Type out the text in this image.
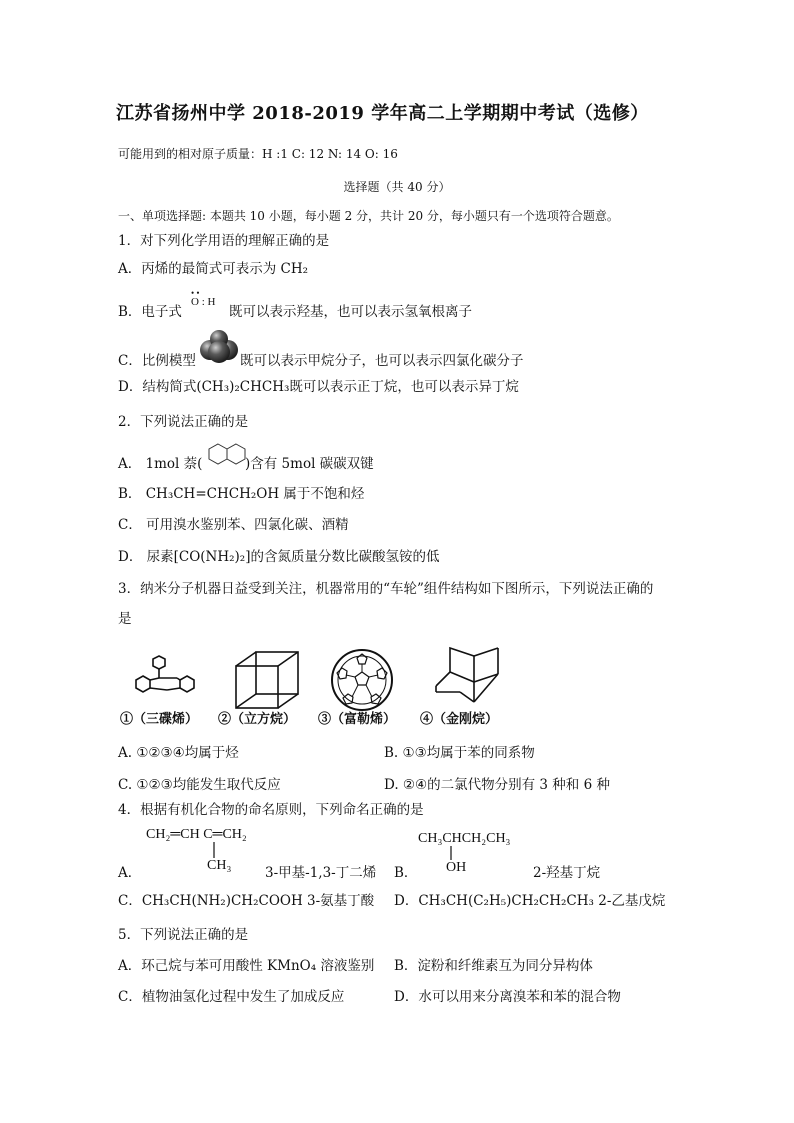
江苏省扬州中学 2018-2019 学年高二上学期期中考试（选修）
可能用到的相对原子质量：H :1 C: 12 N: 14 O: 16
选择题（共 40 分）
一、单项选择题: 本题共 10 小题，每小题 2 分，共计 20 分，每小题只有一个选项符合题意。
1．对下列化学用语的理解正确的是
A．丙烯的最简式可表示为 CH₂
B．电子式
• •
O : H
既可以表示羟基，也可以表示氢氧根离子
C．比例模型	既可以表示甲烷分子，也可以表示四氯化碳分子
D．结构简式(CH₃)₂CHCH₃既可以表示正丁烷，也可以表示异丁烷
2．下列说法正确的是
A． 1mol 萘(	)含有 5mol 碳碳双键
B． CH₃CH=CHCH₂OH 属于不饱和烃
C． 可用溴水鉴别苯、四氯化碳、酒精
D． 尿素[CO(NH₂)₂]的含氮质量分数比碳酸氢铵的低
3．纳米分子机器日益受到关注，机器常用的“车轮”组件结构如下图所示，下列说法正确的
是
①（三碟烯） ②（立方烷） ③（富勒烯） ④（金刚烷）
A. ①②③④均属于烃	B. ①③均属于苯的同系物
C. ①②③均能发生取代反应	D. ②④的二氯代物分别有 3 种和 6 种
4．根据有机化合物的命名原则，下列命名正确的是
CH₂═CH C═CH₂
CH₃
A．	3-甲基-1,3-丁二烯
CH₃CHCH₂CH₃
OH
B．	2-羟基丁烷
C．CH₃CH(NH₂)CH₂COOH 3-氨基丁酸 D．CH₃CH(C₂H₅)CH₂CH₂CH₃ 2-乙基戊烷
5．下列说法正确的是
A．环己烷与苯可用酸性 KMnO₄ 溶液鉴别 B．淀粉和纤维素互为同分异构体
C．植物油氢化过程中发生了加成反应	D．水可以用来分离溴苯和苯的混合物
